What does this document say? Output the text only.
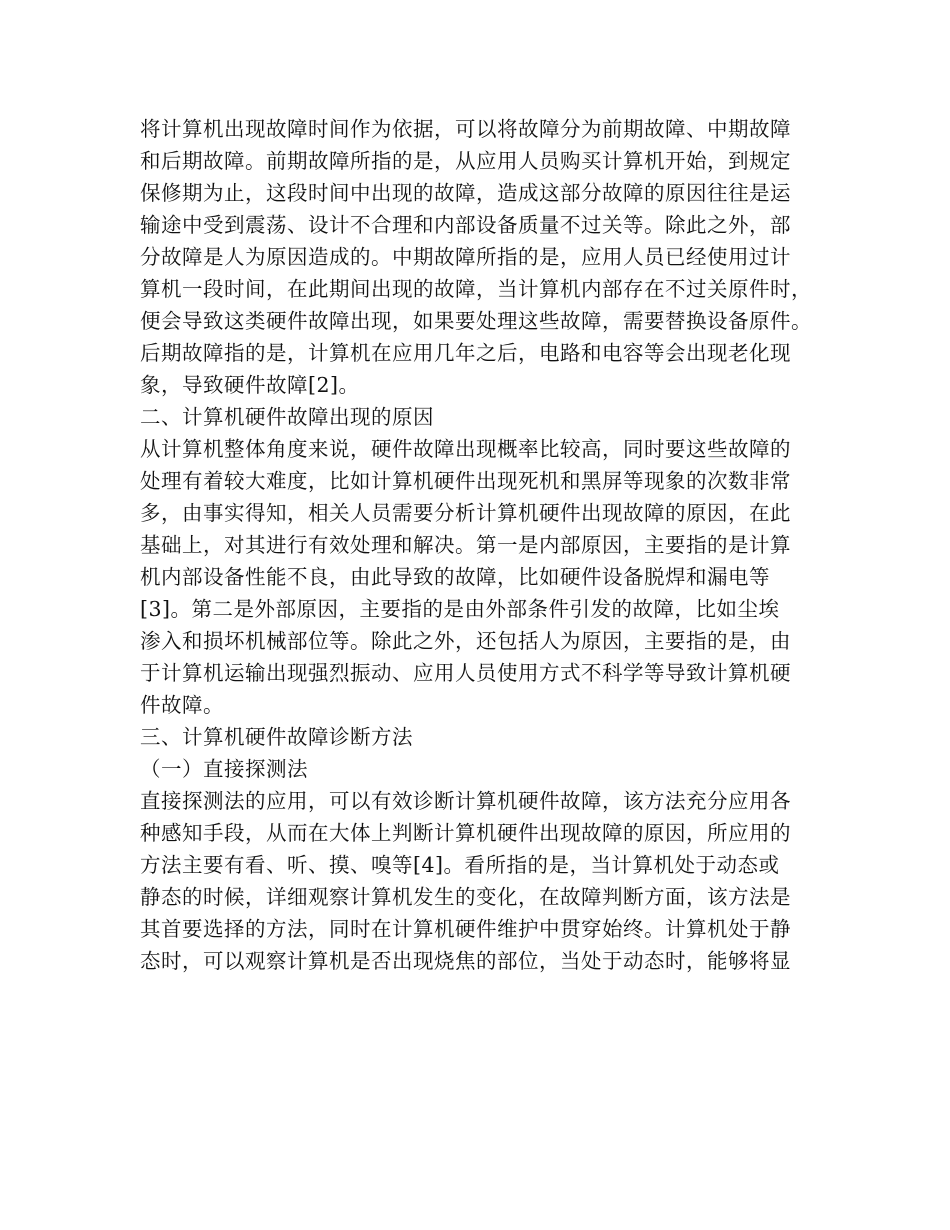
将计算机出现故障时间作为依据，可以将故障分为前期故障、中期故障
和后期故障。前期故障所指的是，从应用人员购买计算机开始，到规定
保修期为止，这段时间中出现的故障，造成这部分故障的原因往往是运
输途中受到震荡、设计不合理和内部设备质量不过关等。除此之外，部
分故障是人为原因造成的。中期故障所指的是，应用人员已经使用过计
算机一段时间，在此期间出现的故障，当计算机内部存在不过关原件时，
便会导致这类硬件故障出现，如果要处理这些故障，需要替换设备原件。
后期故障指的是，计算机在应用几年之后，电路和电容等会出现老化现
象，导致硬件故障[2]。
二、计算机硬件故障出现的原因
从计算机整体角度来说，硬件故障出现概率比较高，同时要这些故障的
处理有着较大难度，比如计算机硬件出现死机和黑屏等现象的次数非常
多，由事实得知，相关人员需要分析计算机硬件出现故障的原因，在此
基础上，对其进行有效处理和解决。第一是内部原因，主要指的是计算
机内部设备性能不良，由此导致的故障，比如硬件设备脱焊和漏电等
[3]。第二是外部原因，主要指的是由外部条件引发的故障，比如尘埃
渗入和损坏机械部位等。除此之外，还包括人为原因，主要指的是，由
于计算机运输出现强烈振动、应用人员使用方式不科学等导致计算机硬
件故障。
三、计算机硬件故障诊断方法
（一）直接探测法
直接探测法的应用，可以有效诊断计算机硬件故障，该方法充分应用各
种感知手段，从而在大体上判断计算机硬件出现故障的原因，所应用的
方法主要有看、听、摸、嗅等[4]。看所指的是，当计算机处于动态或
静态的时候，详细观察计算机发生的变化，在故障判断方面，该方法是
其首要选择的方法，同时在计算机硬件维护中贯穿始终。计算机处于静
态时，可以观察计算机是否出现烧焦的部位，当处于动态时，能够将显
